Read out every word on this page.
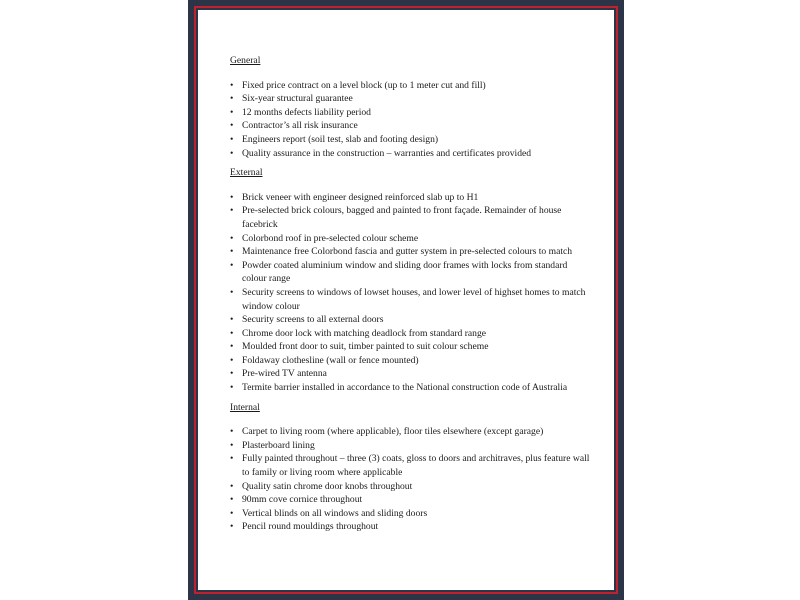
General
• Fixed price contract on a level block (up to 1 meter cut and fill)
• Six-year structural guarantee
• 12 months defects liability period
• Contractor’s all risk insurance
• Engineers report (soil test, slab and footing design)
• Quality assurance in the construction – warranties and certificates provided
External
• Brick veneer with engineer designed reinforced slab up to H1
• Pre-selected brick colours, bagged and painted to front façade. Remainder of house facebrick
• Colorbond roof in pre-selected colour scheme
• Maintenance free Colorbond fascia and gutter system in pre-selected colours to match
• Powder coated aluminium window and sliding door frames with locks from standard colour range
• Security screens to windows of lowset houses, and lower level of highset homes to match window colour
• Security screens to all external doors
• Chrome door lock with matching deadlock from standard range
• Moulded front door to suit, timber painted to suit colour scheme
• Foldaway clothesline (wall or fence mounted)
• Pre-wired TV antenna
• Termite barrier installed in accordance to the National construction code of Australia
Internal
• Carpet to living room (where applicable), floor tiles elsewhere (except garage)
• Plasterboard lining
• Fully painted throughout – three (3) coats, gloss to doors and architraves, plus feature wall to family or living room where applicable
• Quality satin chrome door knobs throughout
• 90mm cove cornice throughout
• Vertical blinds on all windows and sliding doors
• Pencil round mouldings throughout
